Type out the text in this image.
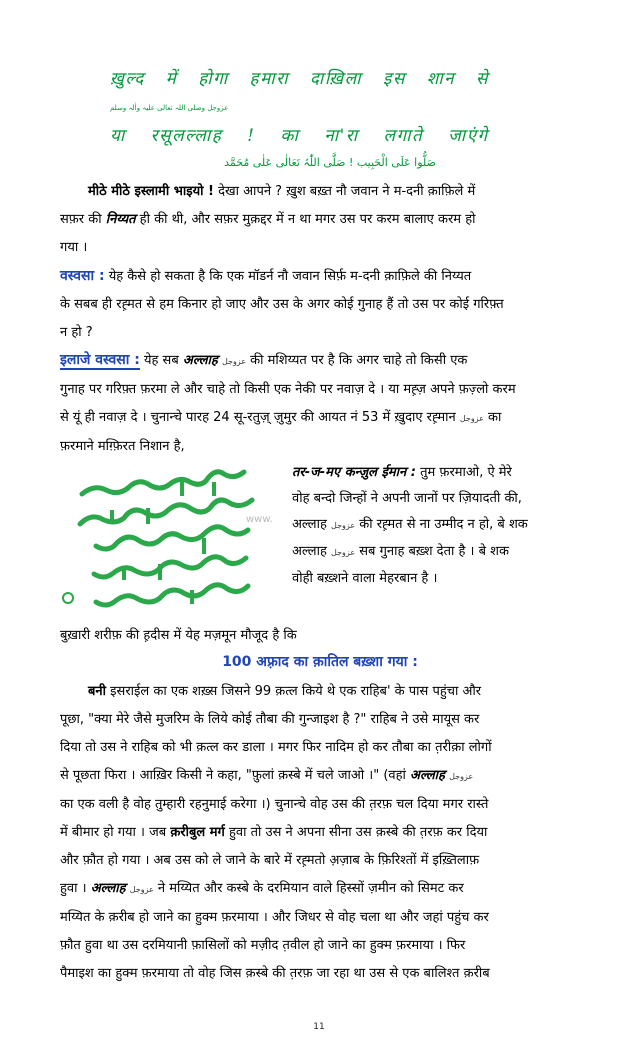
ख़ुल्द में होगा हमारा दाख़िला इस शान से
عزوجل وصلی اللہ تعالی علیہ واٰلہ وسلم
या रसूलल्लाह ! का ना'रा लगाते जाएंगे
صَلُّوا عَلَی الْحَبِیب ! صَلَّی اللّٰہُ تَعَالٰی عَلٰی مُحَمَّد
मीठे मीठे इस्लामी भाइयो ! देखा आपने ? ख़ुश बख़्त नौ जवान ने म-दनी क़ाफ़िले में
सफ़र की निय्यत ही की थी, और सफ़र मुक़द्दर में न था मगर उस पर करम बालाए करम हो
गया ।
वस्वसा : येह कैसे हो सकता है कि एक मॉडर्न नौ जवान सिर्फ़ म-दनी क़ाफ़िले की निय्यत
के सबब ही रह़्मत से हम किनार हो जाए और उस के अगर कोई गुनाह हैं तो उस पर कोई गरिफ़्त
न हो ?
इलाजे वस्वसा : येह सब अल्लाह عزوجل की मशिय्यत पर है कि अगर चाहे तो किसी एक
गुनाह पर गरिफ़्त फ़रमा ले और चाहे तो किसी एक नेकी पर नवाज़ दे । या मह़्ज़ अपने फ़ज़्लो करम
से यूं ही नवाज़ दे । चुनान्चे पारह 24 सू-रतुज़् ज़ुमुर की आयत नं 53 में ख़ुदाए रह़्मान عزوجل का
फ़रमाने मग़्फ़िरत निशान है,
www.
तर-ज-मए कन्ज़ुल ईमान : तुम फ़रमाओ, ऐ मेरे
वोह बन्दो जिन्हों ने अपनी जानों पर ज़ियादती की,
अल्लाह عزوجل की रह़्मत से ना उम्मीद न हो, बे शक
अल्लाह عزوجل सब गुनाह बख़्श देता है । बे शक
वोही बख़्शने वाला मेहरबान है ।
बुख़ारी शरीफ़ की ह़दीस में येह मज़मून मौजूद है कि
100 अफ़्राद का क़ातिल बख़्शा गया :
बनी इसराईल का एक शख़्स जिसने 99 क़त्ल किये थे एक राहिब' के पास पहुंचा और
पूछा, "क्या मेरे जैसे मुजरिम के लिये कोई तौबा की गुन्जाइश है ?" राहिब ने उसे मायूस कर
दिया तो उस ने राहिब को भी क़त्ल कर डाला । मगर फिर नादिम हो कर तौबा का त़रीक़ा लोगों
से पूछता फिरा । आख़िर किसी ने कहा, "फ़ुलां क़स्बे में चले जाओ ।" (वहां अल्लाह عزوجل
का एक वली है वोह तुम्हारी रहनुमाई करेगा ।) चुनान्चे वोह उस की त़रफ़ चल दिया मगर रास्ते
में बीमार हो गया । जब क़रीबुल मर्ग हुवा तो उस ने अपना सीना उस क़स्बे की त़रफ़ कर दिया
और फ़ौत हो गया । अब उस को ले जाने के बारे में रह़्मतो अ़ज़ाब के फ़िरिश्तों में इख़्तिलाफ़
हुवा । अल्लाह عزوجل ने मय्यित और कस्बे के दरमियान वाले हिस्सों ज़मीन को सिमट कर
मय्यित के क़रीब हो जाने का हुक्म फ़रमाया । और जिधर से वोह चला था और जहां पहुंच कर
फ़ौत हुवा था उस दरमियानी फ़ासिलों को मज़ीद त़वील हो जाने का हुक्म फ़रमाया । फिर
पैमाइश का हुक्म फ़रमाया तो वोह जिस क़स्बे की त़रफ़ जा रहा था उस से एक बालिश्त क़रीब
11
